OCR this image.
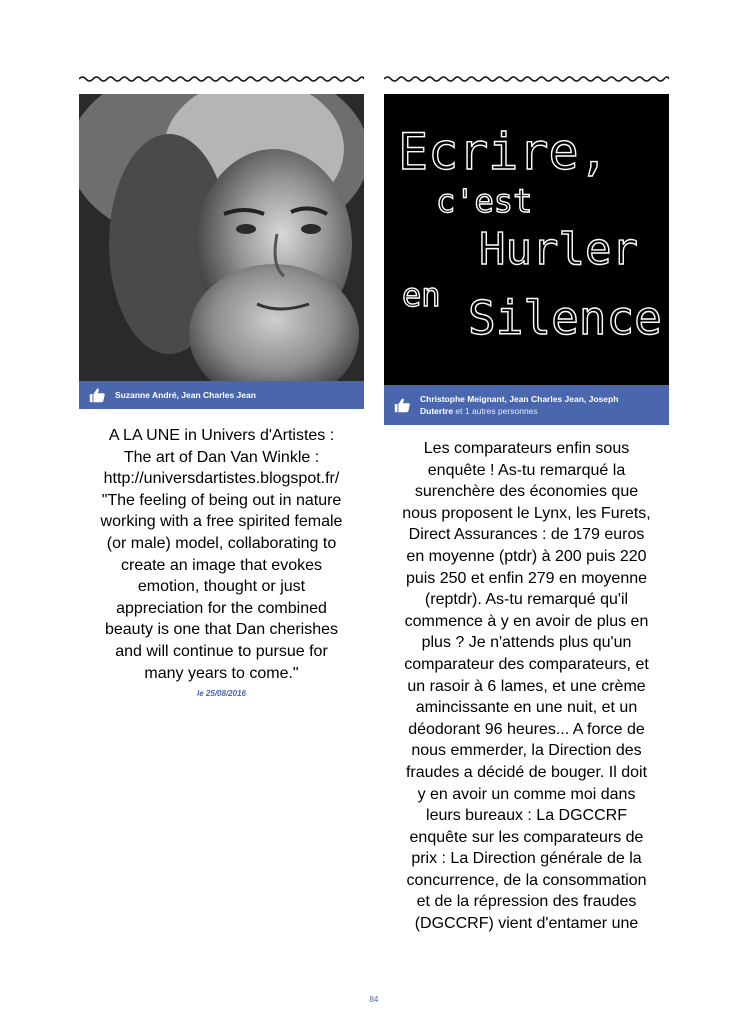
Suzanne André, Jean Charles Jean
A LA UNE in Univers d'Artistes :
The art of Dan Van Winkle :
http://universdartistes.blogspot.fr/
"The feeling of being out in nature
working with a free spirited female
(or male) model, collaborating to
create an image that evokes
emotion, thought or just
appreciation for the combined
beauty is one that Dan cherishes
and will continue to pursue for
many years to come."
le 25/08/2016
Ecrire,
c'est
Hurler
en Silence
Christophe Meignant, Jean Charles Jean, Joseph
Dutertre et 1 autres personnes
Les comparateurs enfin sous
enquête ! As-tu remarqué la
surenchère des économies que
nous proposent le Lynx, les Furets,
Direct Assurances : de 179 euros
en moyenne (ptdr) à 200 puis 220
puis 250 et enfin 279 en moyenne
(reptdr). As-tu remarqué qu'il
commence à y en avoir de plus en
plus ? Je n'attends plus qu'un
comparateur des comparateurs, et
un rasoir à 6 lames, et une crème
amincissante en une nuit, et un
déodorant 96 heures... A force de
nous emmerder, la Direction des
fraudes a décidé de bouger. Il doit
y en avoir un comme moi dans
leurs bureaux : La DGCCRF
enquête sur les comparateurs de
prix : La Direction générale de la
concurrence, de la consommation
et de la répression des fraudes
(DGCCRF) vient d'entamer une
84
